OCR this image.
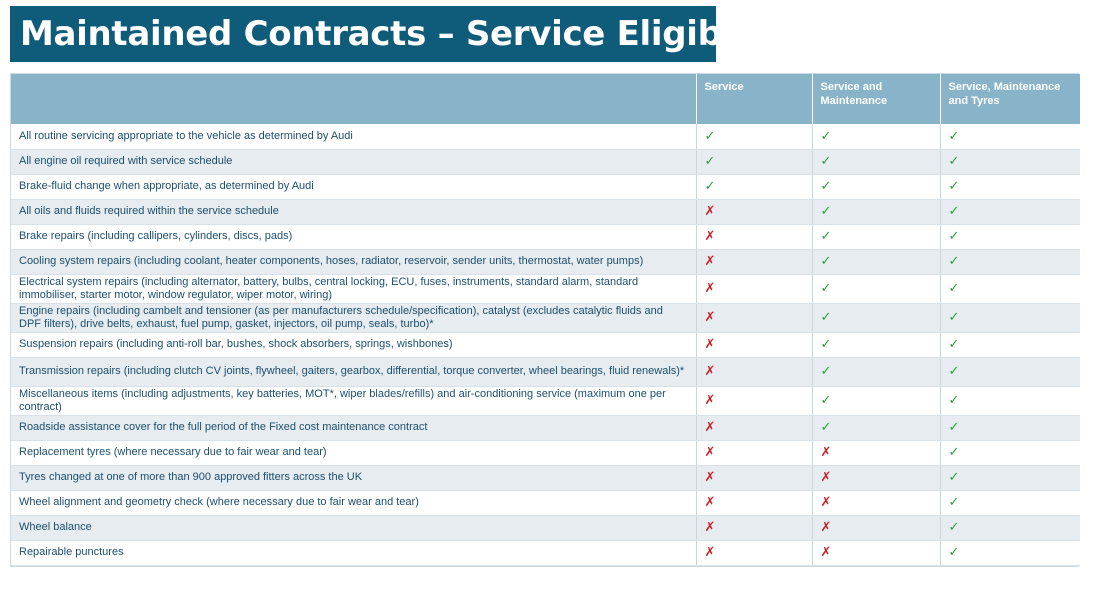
Maintained Contracts – Service Eligibility
	Service	Service and Maintenance	Service, Maintenance and Tyres
All routine servicing appropriate to the vehicle as determined by Audi	✓	✓	✓
All engine oil required with service schedule	✓	✓	✓
Brake-fluid change when appropriate, as determined by Audi	✓	✓	✓
All oils and fluids required within the service schedule	✗	✓	✓
Brake repairs (including callipers, cylinders, discs, pads)	✗	✓	✓
Cooling system repairs (including coolant, heater components, hoses, radiator, reservoir, sender units, thermostat, water pumps)	✗	✓	✓
Electrical system repairs (including alternator, battery, bulbs, central locking, ECU, fuses, instruments, standard alarm, standard immobiliser, starter motor, window regulator, wiper motor, wiring)	✗	✓	✓
Engine repairs (including cambelt and tensioner (as per manufacturers schedule/specification), catalyst (excludes catalytic fluids and DPF filters), drive belts, exhaust, fuel pump, gasket, injectors, oil pump, seals, turbo)*	✗	✓	✓
Suspension repairs (including anti-roll bar, bushes, shock absorbers, springs, wishbones)	✗	✓	✓
Transmission repairs (including clutch CV joints, flywheel, gaiters, gearbox, differential, torque converter, wheel bearings, fluid renewals)*	✗	✓	✓
Miscellaneous items (including adjustments, key batteries, MOT*, wiper blades/refills) and air-conditioning service (maximum one per contract)	✗	✓	✓
Roadside assistance cover for the full period of the Fixed cost maintenance contract	✗	✓	✓
Replacement tyres (where necessary due to fair wear and tear)	✗	✗	✓
Tyres changed at one of more than 900 approved fitters across the UK	✗	✗	✓
Wheel alignment and geometry check (where necessary due to fair wear and tear)	✗	✗	✓
Wheel balance	✗	✗	✓
Repairable punctures	✗	✗	✓
